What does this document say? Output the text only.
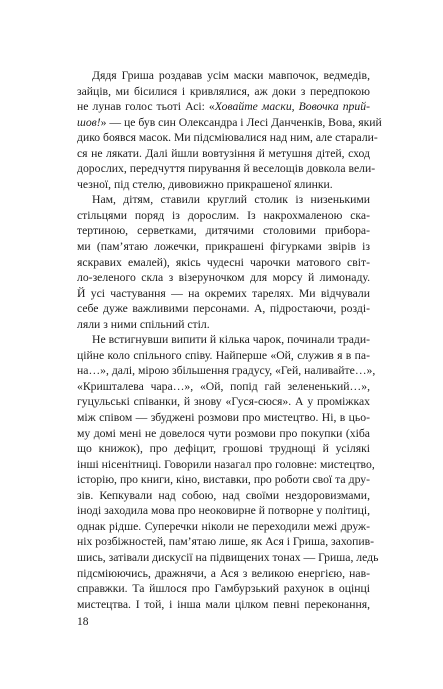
Дядя Гриша роздавав усім маски мавпочок, ведмедів,
зайців, ми бісилися і кривлялися, аж доки з передпокою
не лунав голос тьоті Асі: «Ховайте маски, Вовочка прий-
шов!» — це був син Олександра і Лесі Данченків, Вова, який
дико боявся масок. Ми підсміювалися над ним, але старали-
ся не лякати. Далі йшли вовтузіння й метушня дітей, сход
дорослих, передчуття пирування й веселощів довкола вели-
чезної, під стелю, дивовижно прикрашеної ялинки.

Нам, дітям, ставили круглий столик із низенькими
стільцями поряд із дорослим. Із накрохмаленою ска-
тертиною, серветками, дитячими столовими прибора-
ми (пам’ятаю ложечки, прикрашені фігурками звірів із
яскравих емалей), якісь чудесні чарочки матового світ-
ло-зеленого скла з візеруночком для морсу й лимонаду.
Й усі частування — на окремих тарелях. Ми відчували
себе дуже важливими персонами. А, підростаючи, розді-
ляли з ними спільний стіл.

Не встигнувши випити й кілька чарок, починали тради-
ційне коло спільного співу. Найперше «Ой, служив я в па-
на…», далі, мірою збільшення градусу, «Гей, наливайте…»,
«Кришталева чара…», «Ой, попід гай зелененький…»,
гуцульські співанки, й знову «Гуся-сюся». А у проміжках
між співом — збуджені розмови про мистецтво. Ні, в цьо-
му домі мені не довелося чути розмови про покупки (хіба
що книжок), про дефіцит, грошові труднощі й усілякі
інші нісенітниці. Говорили назагал про головне: мистецтво,
історію, про книги, кіно, виставки, про роботи свої та дру-
зів. Кепкували над собою, над своїми нездоровизмами,
іноді заходила мова про неоковирне й потворне у політиці,
однак рідше. Суперечки ніколи не переходили межі друж-
ніх розбіжностей, пам’ятаю лише, як Ася і Гриша, захопив-
шись, затівали дискусії на підвищених тонах — Гриша, ледь
підсміюючись, дражнячи, а Ася з великою енергією, нав-
справжки. Та йшлося про Гамбурзький рахунок в оцінці
мистецтва. І той, і інша мали цілком певні переконання,

18
